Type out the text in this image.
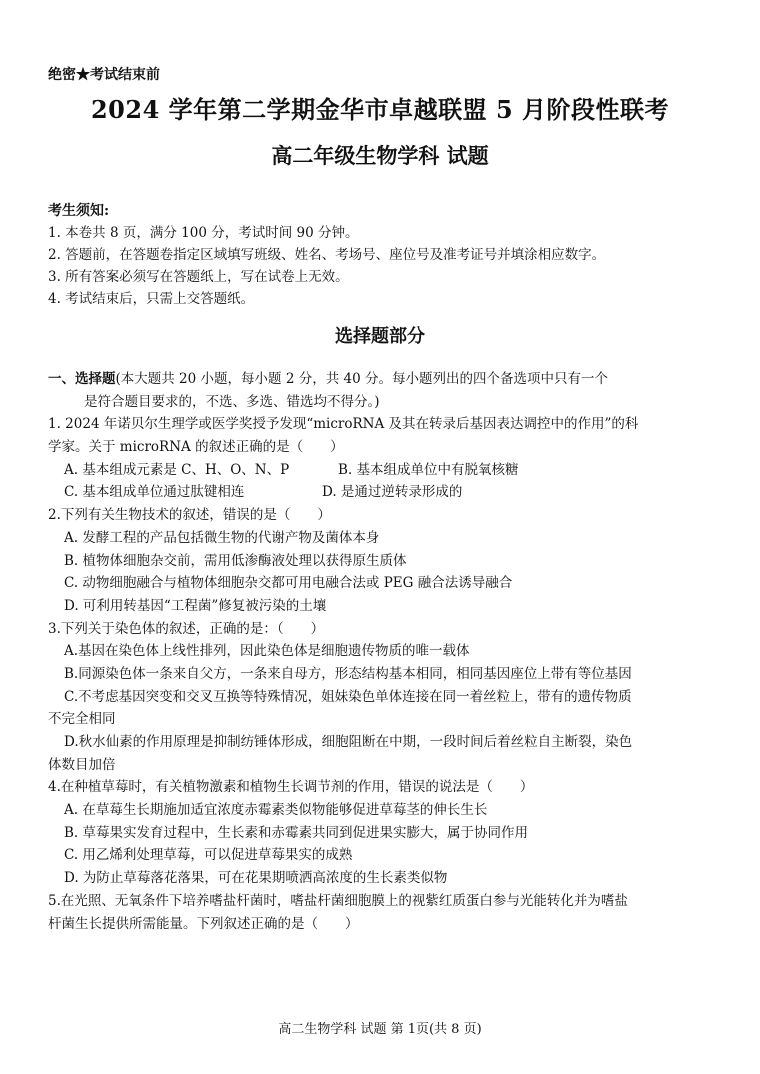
绝密★考试结束前
2024 学年第二学期金华市卓越联盟 5 月阶段性联考
高二年级生物学科 试题
考生须知:
1. 本卷共 8 页，满分 100 分，考试时间 90 分钟。
2. 答题前，在答题卷指定区域填写班级、姓名、考场号、座位号及准考证号并填涂相应数字。
3. 所有答案必须写在答题纸上，写在试卷上无效。
4. 考试结束后，只需上交答题纸。
选择题部分
一、选择题(本大题共 20 小题，每小题 2 分，共 40 分。每小题列出的四个备选项中只有一个
是符合题目要求的，不选、多选、错选均不得分。)
1. 2024 年诺贝尔生理学或医学奖授予发现“microRNA 及其在转录后基因表达调控中的作用”的科
学家。关于 microRNA 的叙述正确的是（　　）
A. 基本组成元素是 C、H、O、N、P	B. 基本组成单位中有脱氧核糖
C. 基本组成单位通过肽键相连	D. 是通过逆转录形成的
2.下列有关生物技术的叙述，错误的是（　　）
A. 发酵工程的产品包括微生物的代谢产物及菌体本身
B. 植物体细胞杂交前，需用低渗酶液处理以获得原生质体
C. 动物细胞融合与植物体细胞杂交都可用电融合法或 PEG 融合法诱导融合
D. 可利用转基因“工程菌”修复被污染的土壤
3.下列关于染色体的叙述，正确的是：（　　）
A.基因在染色体上线性排列，因此染色体是细胞遗传物质的唯一载体
B.同源染色体一条来自父方，一条来自母方，形态结构基本相同，相同基因座位上带有等位基因
C.不考虑基因突变和交叉互换等特殊情况，姐妹染色单体连接在同一着丝粒上，带有的遗传物质
不完全相同
D.秋水仙素的作用原理是抑制纺锤体形成，细胞阻断在中期，一段时间后着丝粒自主断裂，染色
体数目加倍
4.在种植草莓时，有关植物激素和植物生长调节剂的作用，错误的说法是（　　）
A. 在草莓生长期施加适宜浓度赤霉素类似物能够促进草莓茎的伸长生长
B. 草莓果实发育过程中，生长素和赤霉素共同到促进果实膨大，属于协同作用
C. 用乙烯利处理草莓，可以促进草莓果实的成熟
D. 为防止草莓落花落果，可在花果期喷洒高浓度的生长素类似物
5.在光照、无氧条件下培养嗜盐杆菌时，嗜盐杆菌细胞膜上的视紫红质蛋白参与光能转化并为嗜盐
杆菌生长提供所需能量。下列叙述正确的是（　　）
高二生物学科 试题 第 1页(共 8 页)
